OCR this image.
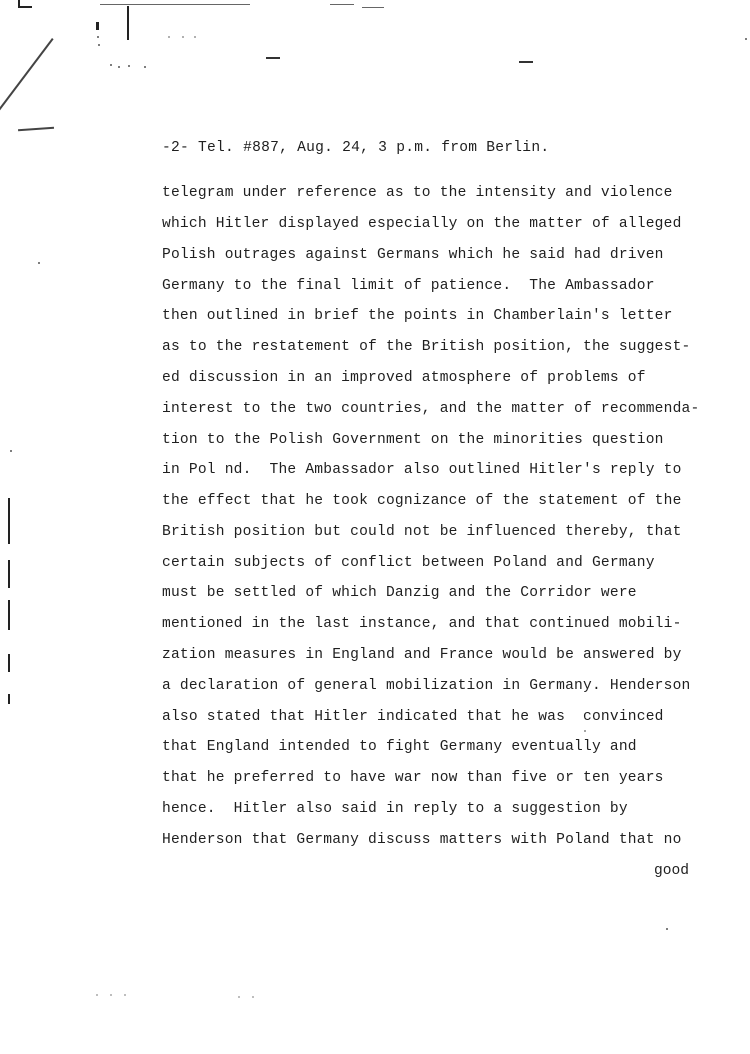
-2- Tel. #887, Aug. 24, 3 p.m. from Berlin.
telegram under reference as to the intensity and violence
which Hitler displayed especially on the matter of alleged
Polish outrages against Germans which he said had driven
Germany to the final limit of patience.  The Ambassador
then outlined in brief the points in Chamberlain's letter
as to the restatement of the British position, the suggest-
ed discussion in an improved atmosphere of problems of
interest to the two countries, and the matter of recommenda-
tion to the Polish Government on the minorities question
in Pol nd.  The Ambassador also outlined Hitler's reply to
the effect that he took cognizance of the statement of the
British position but could not be influenced thereby, that
certain subjects of conflict between Poland and Germany
must be settled of which Danzig and the Corridor were
mentioned in the last instance, and that continued mobili-
zation measures in England and France would be answered by
a declaration of general mobilization in Germany. Henderson
also stated that Hitler indicated that he was  convinced
that England intended to fight Germany eventually and
that he preferred to have war now than five or ten years
hence.  Hitler also said in reply to a suggestion by
Henderson that Germany discuss matters with Poland that no
good
